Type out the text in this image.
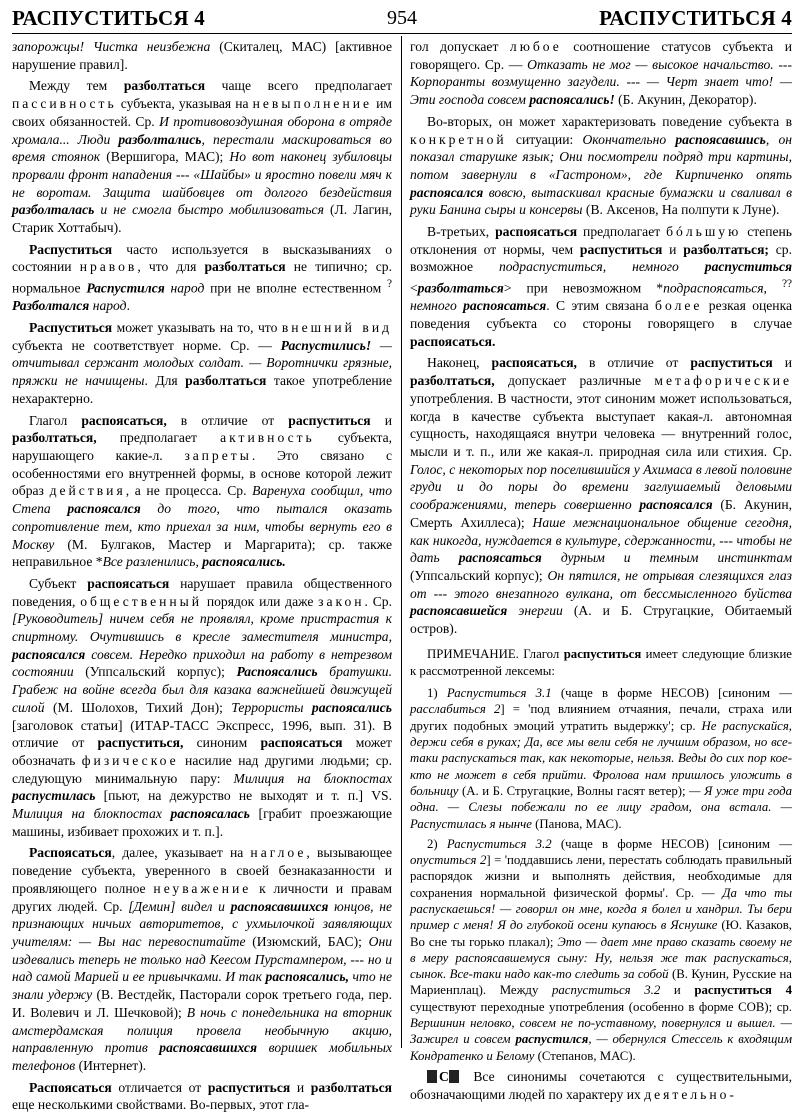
РАСПУСТИТЬСЯ 4	954	РАСПУСТИТЬСЯ 4

запорожцы! Чистка неизбежна (Скиталец, МАС) [активное нарушение правил].

Между тем разболтаться чаще всего предполагает пассивность субъекта, указывая на невыполнение им своих обязанностей. Ср. И противовоздушная оборона в отряде хромала... Люди разболтались, перестали маскироваться во время стоянок (Вершигора, МАС); Но вот наконец зубиловцы прорвали фронт нападения --- «Шайбы» и яростно повели мяч к не воротам. Защита шайбовцев от долгого бездействия разболталась и не смогла быстро мобилизоваться (Л. Лагин, Старик Хоттабыч).

Распуститься часто используется в высказываниях о состоянии нравов, что для разболтаться не типично; ср. нормальное Распустился народ при не вполне естественном ?Разболтался народ.

Распуститься может указывать на то, что внешний вид субъекта не соответствует норме. Ср. — Распустились! — отчитывал сержант молодых солдат. — Воротнички грязные, пряжки не начищены. Для разболтаться такое употребление нехарактерно.

Глагол распоясаться, в отличие от распуститься и разболтаться, предполагает активность субъекта, нарушающего какие-л. запреты. Это связано с особенностями его внутренней формы, в основе которой лежит образ действия, а не процесса. Ср. Варенуха сообщил, что Степа распоясался до того, что пытался оказать сопротивление тем, кто приехал за ним, чтобы вернуть его в Москву (М. Булгаков, Мастер и Маргарита); ср. также неправильное *Все разленились, распоясались.

Субъект распоясаться нарушает правила общественного поведения, общественный порядок или даже закон. Ср. [Руководитель] ничем себя не проявлял, кроме пристрастия к спиртному. Очутившись в кресле заместителя министра, распоясался совсем. Нередко приходил на работу в нетрезвом состоянии (Уппсальский корпус); Распоясались братушки. Грабеж на войне всегда был для казака важнейшей движущей силой (М. Шолохов, Тихий Дон); Террористы распоясались [заголовок статьи] (ИТАР-ТАСС Экспресс, 1996, вып. 31). В отличие от распуститься, синоним распоясаться может обозначать физическое насилие над другими людьми; ср. следующую минимальную пару: Милиция на блокпостах распустилась [пьют, на дежурство не выходят и т. п.] VS. Милиция на блокпостах распоясалась [грабит проезжающие машины, избивает прохожих и т. п.].

Распоясаться, далее, указывает на наглое, вызывающее поведение субъекта, уверенного в своей безнаказанности и проявляющего полное неуважение к личности и правам других людей. Ср. [Демин] видел и распоясавшихся юнцов, не признающих ничьих авторитетов, с ухмылочкой заявляющих учителям: — Вы нас перевоспитайте (Изюмский, БАС); Они издевались теперь не только над Кеесом Пурстампером, --- но и над самой Марией и ее привычками. И так распоясались, что не знали удержу (В. Вестдейк, Пасторали сорок третьего года, пер. И. Волевич и Л. Шечковой); В ночь с понедельника на вторник амстердамская полиция провела необычную акцию, направленную против распоясавшихся воришек мобильных телефонов (Интернет).

Распоясаться отличается от распуститься и разболтаться еще несколькими свойствами. Во-первых, этот гла-

гол допускает любое соотношение статусов субъекта и говорящего. Ср. — Отказать не мог — высокое начальство. --- Корпоранты возмущенно загудели. --- — Черт знает что! — Эти господа совсем распоясались! (Б. Акунин, Декоратор).

Во-вторых, он может характеризовать поведение субъекта в конкретной ситуации: Окончательно распоясавшись, он показал старушке язык; Они посмотрели подряд три картины, потом завернули в «Гастроном», где Кирпиченко опять распоясался вовсю, вытаскивал красные бумажки и сваливал в руки Банина сыры и консервы (В. Аксенов, На полпути к Луне).

В-третьих, распоясаться предполагает бóльшую степень отклонения от нормы, чем распуститься и разболтаться; ср. возможное подраспуститься, немного распуститься <разболтаться> при невозможном *подраспоясаться, ??немного распоясаться. С этим связана более резкая оценка поведения субъекта со стороны говорящего в случае распоясаться.

Наконец, распоясаться, в отличие от распуститься и разболтаться, допускает различные метафорические употребления. В частности, этот синоним может использоваться, когда в качестве субъекта выступает какая-л. автономная сущность, находящаяся внутри человека — внутренний голос, мысли и т. п., или же какая-л. природная сила или стихия. Ср. Голос, с некоторых пор поселившийся у Ахимаса в левой половине груди и до поры до времени заглушаемый деловыми соображениями, теперь совершенно распоясался (Б. Акунин, Смерть Ахиллеса); Наше межнациональное общение сегодня, как никогда, нуждается в культуре, сдержанности, --- чтобы не дать распоясаться дурным и темным инстинктам (Уппсальский корпус); Он пятился, не отрывая слезящихся глаз от --- этого внезапного вулкана, от бессмысленного буйства распоясавшейся энергии (А. и Б. Стругацкие, Обитаемый остров).

ПРИМЕЧАНИЕ. Глагол распуститься имеет следующие близкие к рассмотренной лексемы:

1) Распуститься 3.1 (чаще в форме НЕСОВ) [синоним — расслабиться 2] = 'под влиянием отчаяния, печали, страха или других подобных эмоций утратить выдержку'; ср. Не распускайся, держи себя в руках; Да, все мы вели себя не лучшим образом, но все-таки распускаться так, как некоторые, нельзя. Веды до сих пор кое-кто не может в себя прийти. Фролова нам пришлось уложить в больницу (А. и Б. Стругацкие, Волны гасят ветер); — Я уже три года одна. — Слезы побежали по ее лицу градом, она встала. — Распустилась я нынче (Панова, МАС).

2) Распуститься 3.2 (чаще в форме НЕСОВ) [синоним — опуститься 2] = 'поддавшись лени, перестать соблюдать правильный распорядок жизни и выполнять действия, необходимые для сохранения нормальной физической формы'. Ср. — Да что ты распускаешься! — говорил он мне, когда я болел и хандрил. Ты бери пример с меня! Я до глубокой осени купаюсь в Яснушке (Ю. Казаков, Во сне ты горько плакал); Это — дает мне право сказать своему не в меру распоясавшемуся сыну: Ну, нельзя же так распускаться, сынок. Все-таки надо как-то следить за собой (В. Кунин, Русские на Мариенплац). Между распуститься 3.2 и распуститься 4 существуют переходные употребления (особенно в форме СОВ); ср. Вершинин неловко, совсем не по-уставному, повернулся и вышел. — Зажирел и совсем распустился, — обернулся Стессель к входящим Кондратенко и Белому (Степанов, МАС).

С Все синонимы сочетаются с существительными, обозначающими людей по характеру их деятельно-
